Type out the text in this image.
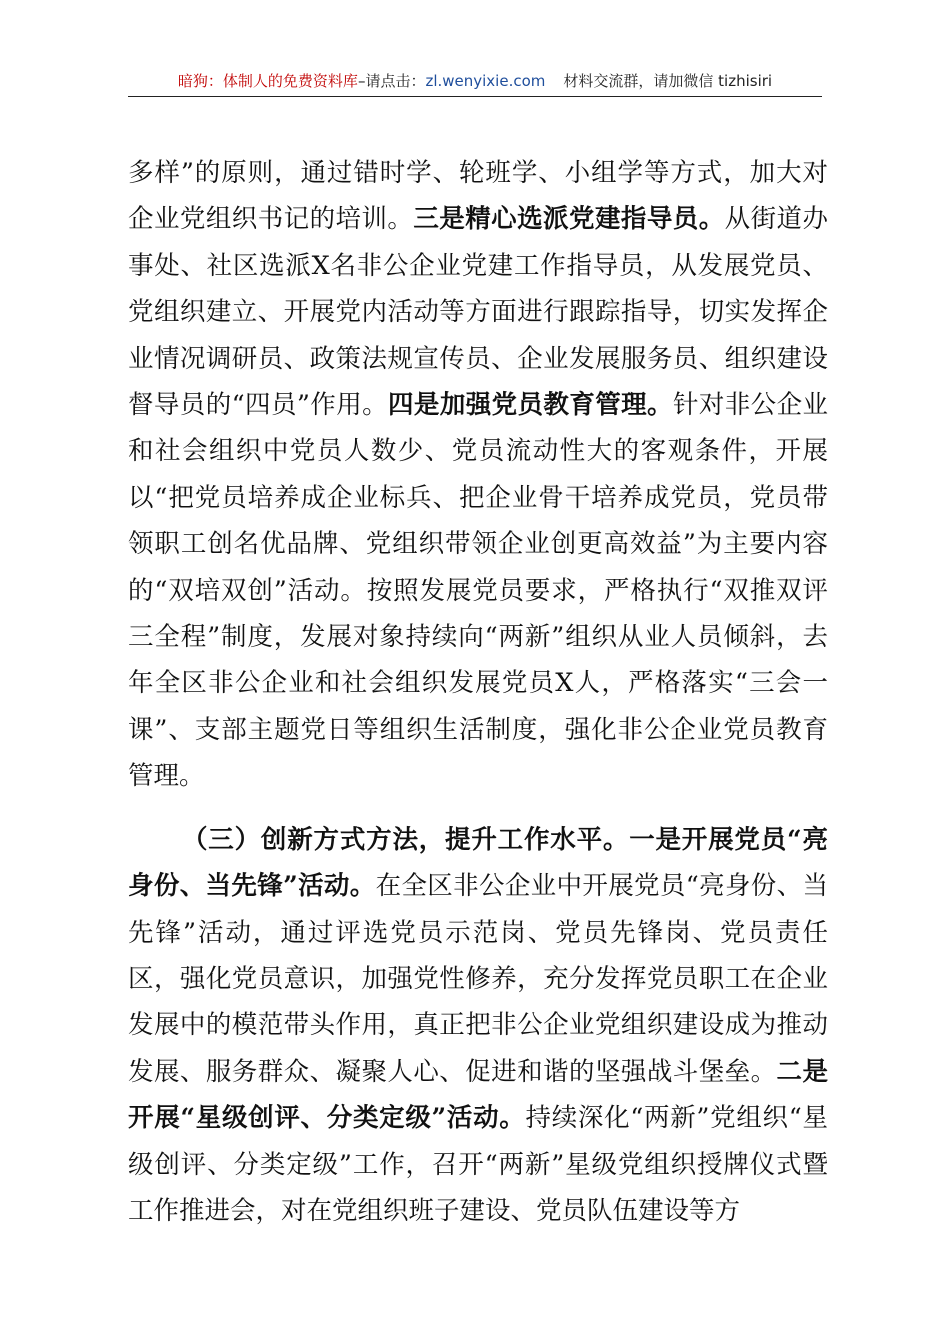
暗狗：体制人的免费资料库–请点击：zl.wenyixie.com 材料交流群，请加微信 tizhisiri

多样”的原则，通过错时学、轮班学、小组学等方式，加大对企业党组织书记的培训。三是精心选派党建指导员。从街道办事处、社区选派X名非公企业党建工作指导员，从发展党员、党组织建立、开展党内活动等方面进行跟踪指导，切实发挥企业情况调研员、政策法规宣传员、企业发展服务员、组织建设督导员的“四员”作用。四是加强党员教育管理。针对非公企业和社会组织中党员人数少、党员流动性大的客观条件，开展以“把党员培养成企业标兵、把企业骨干培养成党员，党员带领职工创名优品牌、党组织带领企业创更高效益”为主要内容的“双培双创”活动。按照发展党员要求，严格执行“双推双评三全程”制度，发展对象持续向“两新”组织从业人员倾斜，去年全区非公企业和社会组织发展党员X人，严格落实“三会一课”、支部主题党日等组织生活制度，强化非公企业党员教育管理。

（三）创新方式方法，提升工作水平。一是开展党员“亮身份、当先锋”活动。在全区非公企业中开展党员“亮身份、当先锋”活动，通过评选党员示范岗、党员先锋岗、党员责任区，强化党员意识，加强党性修养，充分发挥党员职工在企业发展中的模范带头作用，真正把非公企业党组织建设成为推动发展、服务群众、凝聚人心、促进和谐的坚强战斗堡垒。二是开展“星级创评、分类定级”活动。持续深化“两新”党组织“星级创评、分类定级”工作，召开“两新”星级党组织授牌仪式暨工作推进会，对在党组织班子建设、党员队伍建设等方
